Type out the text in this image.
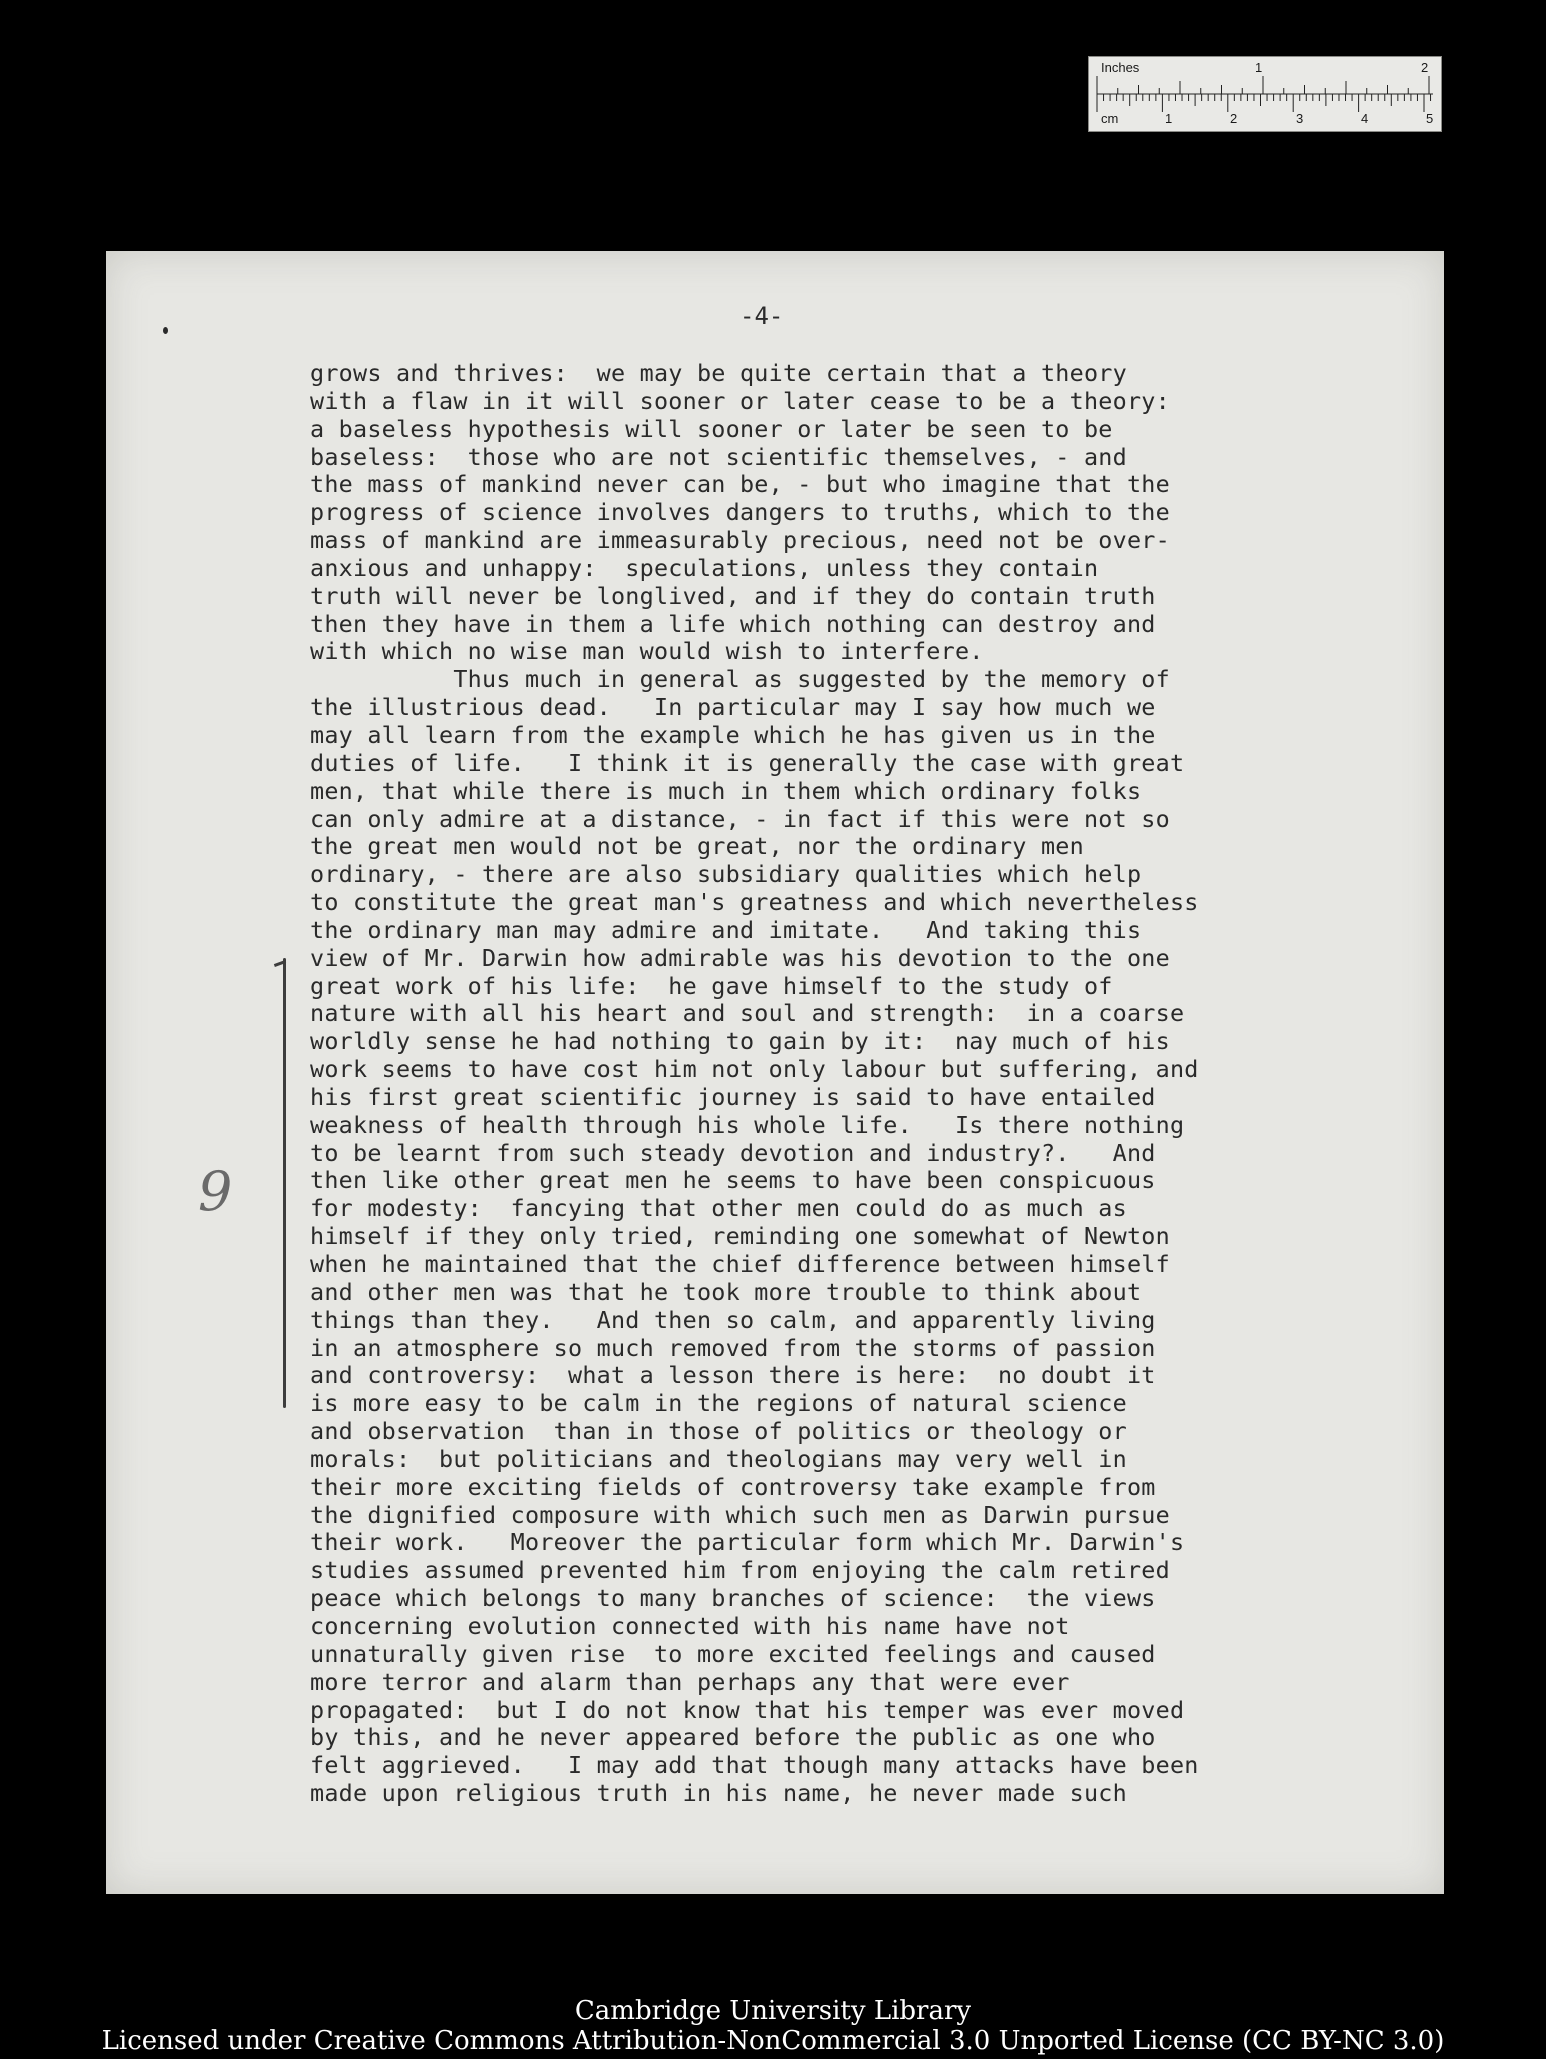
Inches
cm
1	2
1	2	3	4	5
-4-
grows and thrives:  we may be quite certain that a theory
with a flaw in it will sooner or later cease to be a theory:
a baseless hypothesis will sooner or later be seen to be
baseless:  those who are not scientific themselves, - and
the mass of mankind never can be, - but who imagine that the
progress of science involves dangers to truths, which to the
mass of mankind are immeasurably precious, need not be over-
anxious and unhappy:  speculations, unless they contain
truth will never be longlived, and if they do contain truth
then they have in them a life which nothing can destroy and
with which no wise man would wish to interfere.
Thus much in general as suggested by the memory of
the illustrious dead.   In particular may I say how much we
may all learn from the example which he has given us in the
duties of life.   I think it is generally the case with great
men, that while there is much in them which ordinary folks
can only admire at a distance, - in fact if this were not so
the great men would not be great, nor the ordinary men
ordinary, - there are also subsidiary qualities which help
to constitute the great man's greatness and which nevertheless
the ordinary man may admire and imitate.   And taking this
view of Mr. Darwin how admirable was his devotion to the one
great work of his life:  he gave himself to the study of
nature with all his heart and soul and strength:  in a coarse
worldly sense he had nothing to gain by it:  nay much of his
work seems to have cost him not only labour but suffering, and
his first great scientific journey is said to have entailed
weakness of health through his whole life.   Is there nothing
to be learnt from such steady devotion and industry?.   And
then like other great men he seems to have been conspicuous
for modesty:  fancying that other men could do as much as
himself if they only tried, reminding one somewhat of Newton
when he maintained that the chief difference between himself
and other men was that he took more trouble to think about
things than they.   And then so calm, and apparently living
in an atmosphere so much removed from the storms of passion
and controversy:  what a lesson there is here:  no doubt it
is more easy to be calm in the regions of natural science
and observation  than in those of politics or theology or
morals:  but politicians and theologians may very well in
their more exciting fields of controversy take example from
the dignified composure with which such men as Darwin pursue
their work.   Moreover the particular form which Mr. Darwin's
studies assumed prevented him from enjoying the calm retired
peace which belongs to many branches of science:  the views
concerning evolution connected with his name have not
unnaturally given rise  to more excited feelings and caused
more terror and alarm than perhaps any that were ever
propagated:  but I do not know that his temper was ever moved
by this, and he never appeared before the public as one who
felt aggrieved.   I may add that though many attacks have been
made upon religious truth in his name, he never made such
9
Cambridge University Library
Licensed under Creative Commons Attribution-NonCommercial 3.0 Unported License (CC BY-NC 3.0)
